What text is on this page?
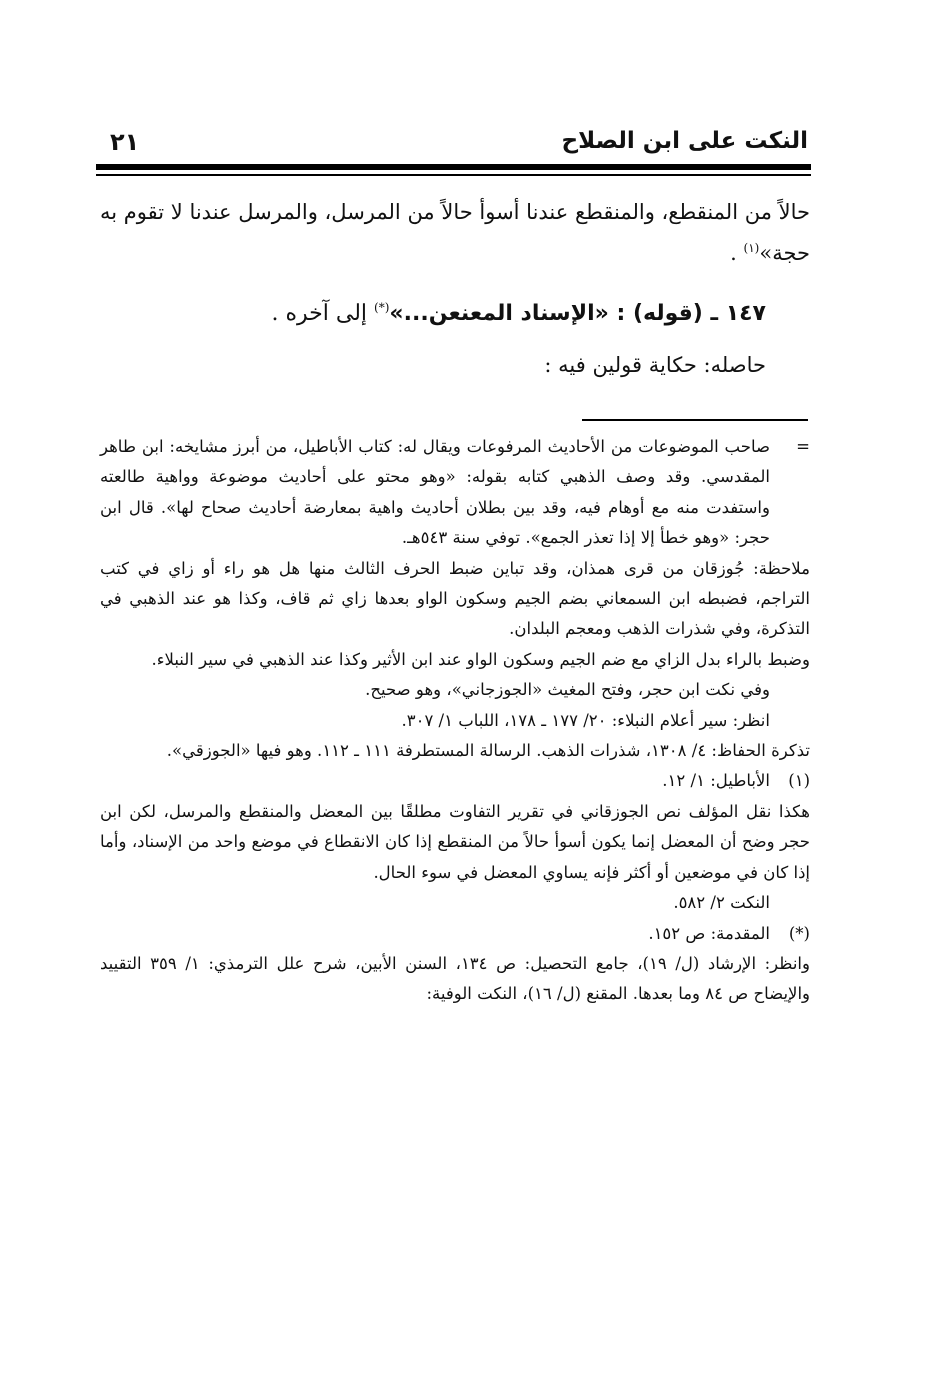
النكت على ابن الصلاح
٢١

حالاً من المنقطع، والمنقطع عندنا أسوأ حالاً من المرسل، والمرسل عندنا لا تقوم به حجة»$^{(١)}$ .

١٤٧ ـ (قوله) : «الإسناد المعنعن...»(*) إلى آخره .

حاصله: حكاية قولين فيه :

=
صاحب الموضوعات من الأحاديث المرفوعات ويقال له: كتاب الأباطيل، من أبرز مشايخه: ابن طاهر المقدسي. وقد وصف الذهبي كتابه بقوله: «وهو محتو على أحاديث موضوعة وواهية طالعته واستفدت منه مع أوهام فيه، وقد بين بطلان أحاديث واهية بمعارضة أحاديث صحاح لها». قال ابن حجر: «وهو خطأ إلا إذا تعذر الجمع». توفي سنة ٥٤٣هـ.

ملاحظة: جُوزقان من قرى همذان، وقد تباين ضبط الحرف الثالث منها هل هو راء أو زاي في كتب التراجم، فضبطه ابن السمعاني بضم الجيم وسكون الواو بعدها زاي ثم قاف، وكذا هو عند الذهبي في التذكرة، وفي شذرات الذهب ومعجم البلدان.

وضبط بالراء بدل الزاي مع ضم الجيم وسكون الواو عند ابن الأثير وكذا عند الذهبي في سير النبلاء.

وفي نكت ابن حجر، وفتح المغيث «الجوزجاني»، وهو صحيح.

انظر: سير أعلام النبلاء: ٢٠/ ١٧٧ ـ ١٧٨، اللباب ١/ ٣٠٧.

تذكرة الحفاظ: ٤/ ١٣٠٨، شذرات الذهب. الرسالة المستطرفة ١١١ ـ ١١٢. وهو فيها «الجوزقي».

(١)
الأباطيل: ١/ ١٢.

هكذا نقل المؤلف نص الجوزقاني في تقرير التفاوت مطلقًا بين المعضل والمنقطع والمرسل، لكن ابن حجر وضح أن المعضل إنما يكون أسوأ حالاً من المنقطع إذا كان الانقطاع في موضع واحد من الإسناد، وأما إذا كان في موضعين أو أكثر فإنه يساوي المعضل في سوء الحال.

النكت ٢/ ٥٨٢.

(*)
المقدمة: ص ١٥٢.

وانظر: الإرشاد (ل/ ١٩)، جامع التحصيل: ص ١٣٤، السنن الأبين، شرح علل الترمذي: ١/ ٣٥٩ التقييد والإيضاح ص ٨٤ وما بعدها. المقنع (ل/ ١٦)، النكت الوفية:
